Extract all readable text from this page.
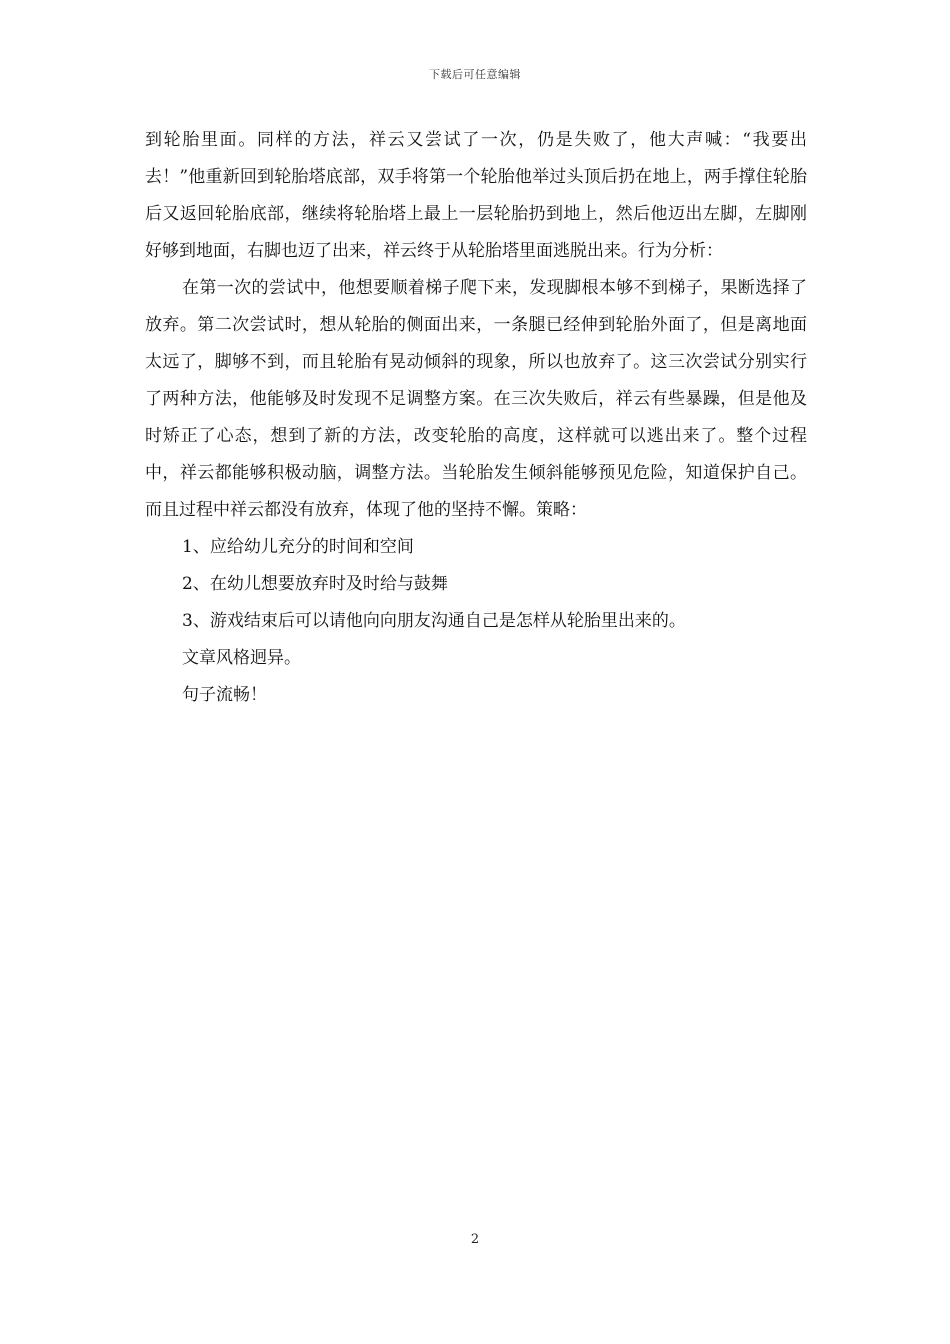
下载后可任意编辑

到轮胎里面。同样的方法，祥云又尝试了一次，仍是失败了，他大声喊：“我要出去！”他重新回到轮胎塔底部，双手将第一个轮胎他举过头顶后扔在地上，两手撑住轮胎后又返回轮胎底部，继续将轮胎塔上最上一层轮胎扔到地上，然后他迈出左脚，左脚刚好够到地面，右脚也迈了出来，祥云终于从轮胎塔里面逃脱出来。行为分析：

在第一次的尝试中，他想要顺着梯子爬下来，发现脚根本够不到梯子，果断选择了放弃。第二次尝试时，想从轮胎的侧面出来，一条腿已经伸到轮胎外面了，但是离地面太远了，脚够不到，而且轮胎有晃动倾斜的现象，所以也放弃了。这三次尝试分别实行了两种方法，他能够及时发现不足调整方案。在三次失败后，祥云有些暴躁，但是他及时矫正了心态，想到了新的方法，改变轮胎的高度，这样就可以逃出来了。整个过程中，祥云都能够积极动脑，调整方法。当轮胎发生倾斜能够预见危险，知道保护自己。而且过程中祥云都没有放弃，体现了他的坚持不懈。策略：

1、应给幼儿充分的时间和空间

2、在幼儿想要放弃时及时给与鼓舞

3、游戏结束后可以请他向向朋友沟通自己是怎样从轮胎里出来的。

文章风格迥异。

句子流畅！

2
